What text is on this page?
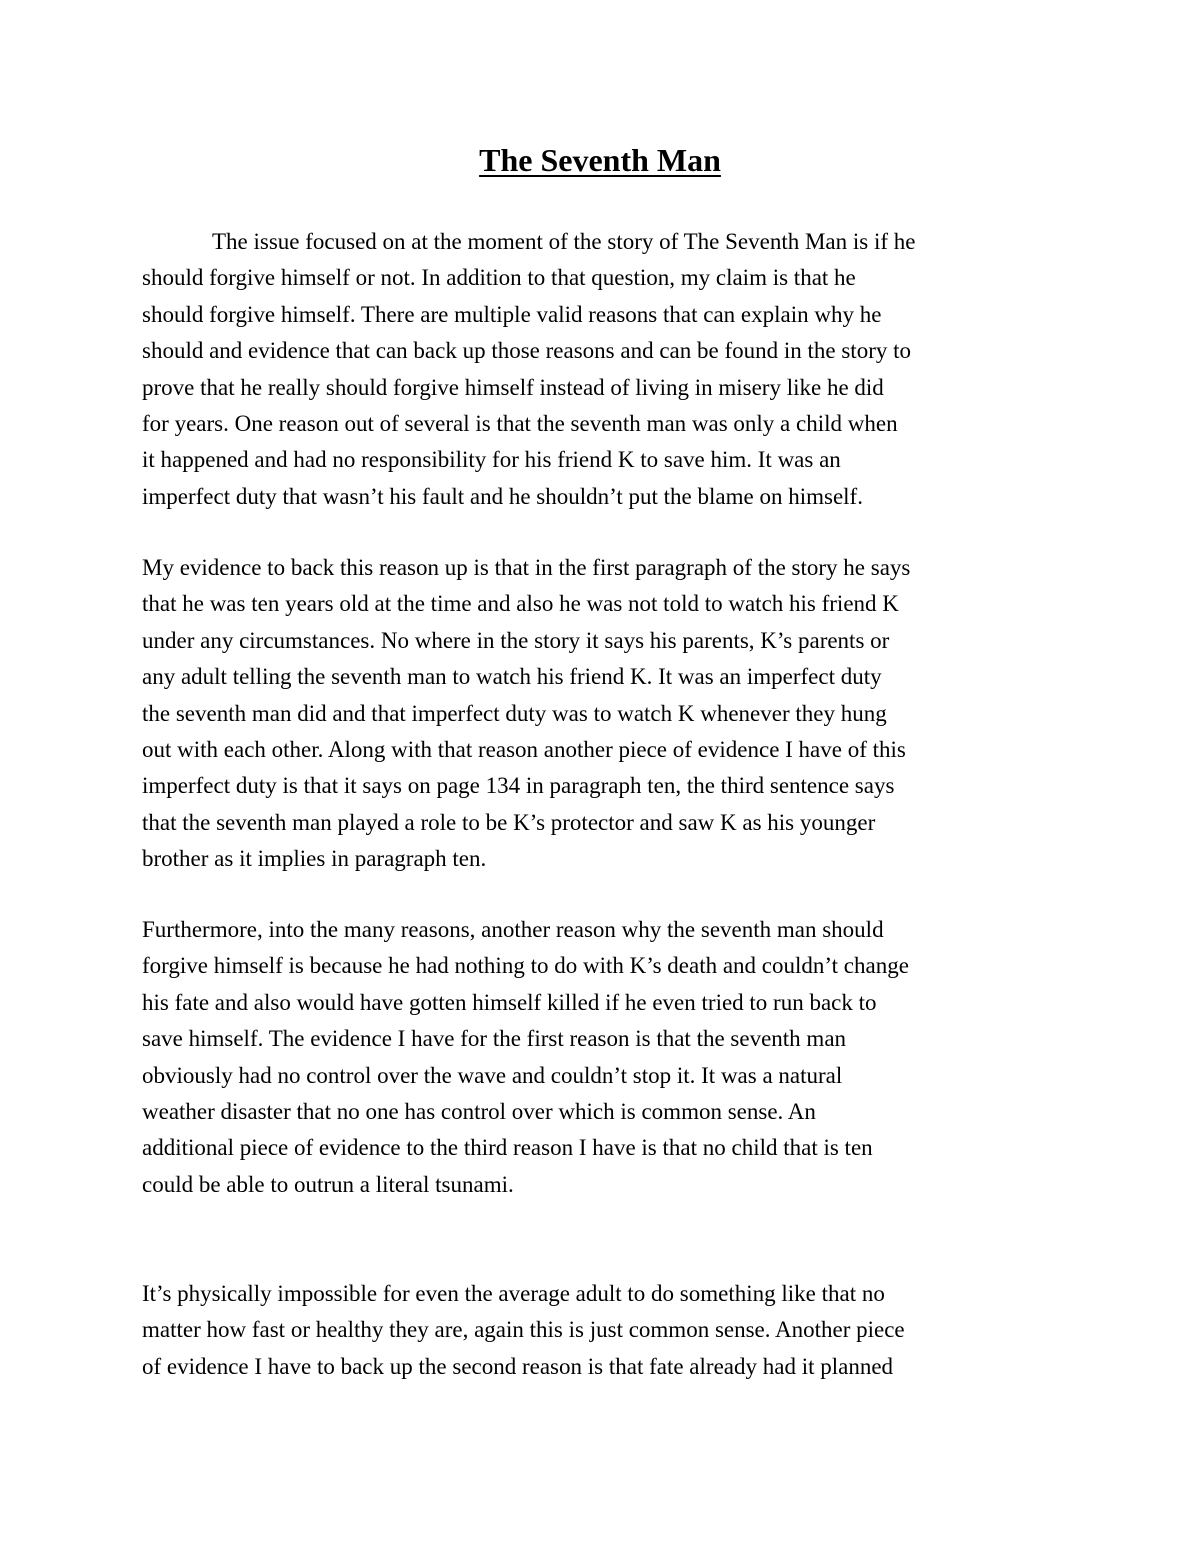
The Seventh Man
The issue focused on at the moment of the story of The Seventh Man is if he
should forgive himself or not. In addition to that question, my claim is that he
should forgive himself. There are multiple valid reasons that can explain why he
should and evidence that can back up those reasons and can be found in the story to
prove that he really should forgive himself instead of living in misery like he did
for years. One reason out of several is that the seventh man was only a child when
it happened and had no responsibility for his friend K to save him. It was an
imperfect duty that wasn’t his fault and he shouldn’t put the blame on himself.
My evidence to back this reason up is that in the first paragraph of the story he says
that he was ten years old at the time and also he was not told to watch his friend K
under any circumstances. No where in the story it says his parents, K’s parents or
any adult telling the seventh man to watch his friend K. It was an imperfect duty
the seventh man did and that imperfect duty was to watch K whenever they hung
out with each other. Along with that reason another piece of evidence I have of this
imperfect duty is that it says on page 134 in paragraph ten, the third sentence says
that the seventh man played a role to be K’s protector and saw K as his younger
brother as it implies in paragraph ten.
Furthermore, into the many reasons, another reason why the seventh man should
forgive himself is because he had nothing to do with K’s death and couldn’t change
his fate and also would have gotten himself killed if he even tried to run back to
save himself. The evidence I have for the first reason is that the seventh man
obviously had no control over the wave and couldn’t stop it. It was a natural
weather disaster that no one has control over which is common sense. An
additional piece of evidence to the third reason I have is that no child that is ten
could be able to outrun a literal tsunami.
It’s physically impossible for even the average adult to do something like that no
matter how fast or healthy they are, again this is just common sense. Another piece
of evidence I have to back up the second reason is that fate already had it planned
